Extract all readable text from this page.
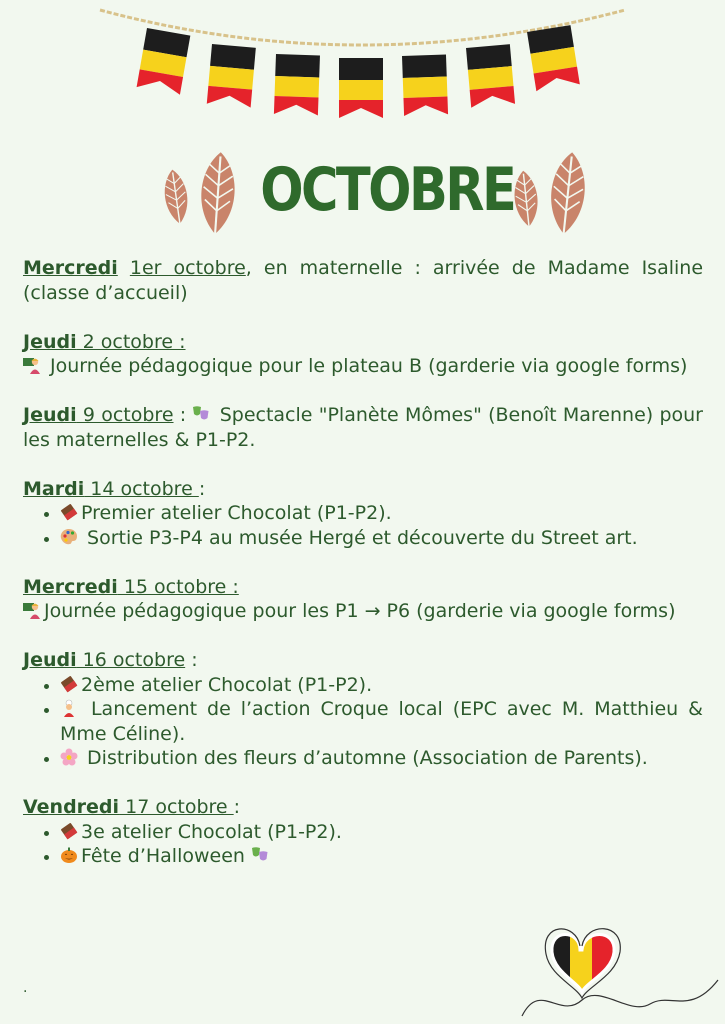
OCTOBRE
Mercredi 1er octobre, en maternelle : arrivée de Madame Isaline (classe d’accueil)
Jeudi 2 octobre :
Journée pédagogique pour le plateau B (garderie via google forms)
Jeudi 9 octobre :  Spectacle "Planète Mômes" (Benoît Marenne) pour les maternelles & P1-P2.
Mardi 14 octobre :
• Premier atelier Chocolat (P1-P2).
• Sortie P3-P4 au musée Hergé et découverte du Street art.
Mercredi 15 octobre :
Journée pédagogique pour les P1 → P6 (garderie via google forms)
Jeudi 16 octobre :
• 2ème atelier Chocolat (P1-P2).
• Lancement de l’action Croque local (EPC avec M. Matthieu & Mme Céline).
• Distribution des fleurs d’automne (Association de Parents).
Vendredi 17 octobre :
• 3e atelier Chocolat (P1-P2).
• Fête d’Halloween
.
